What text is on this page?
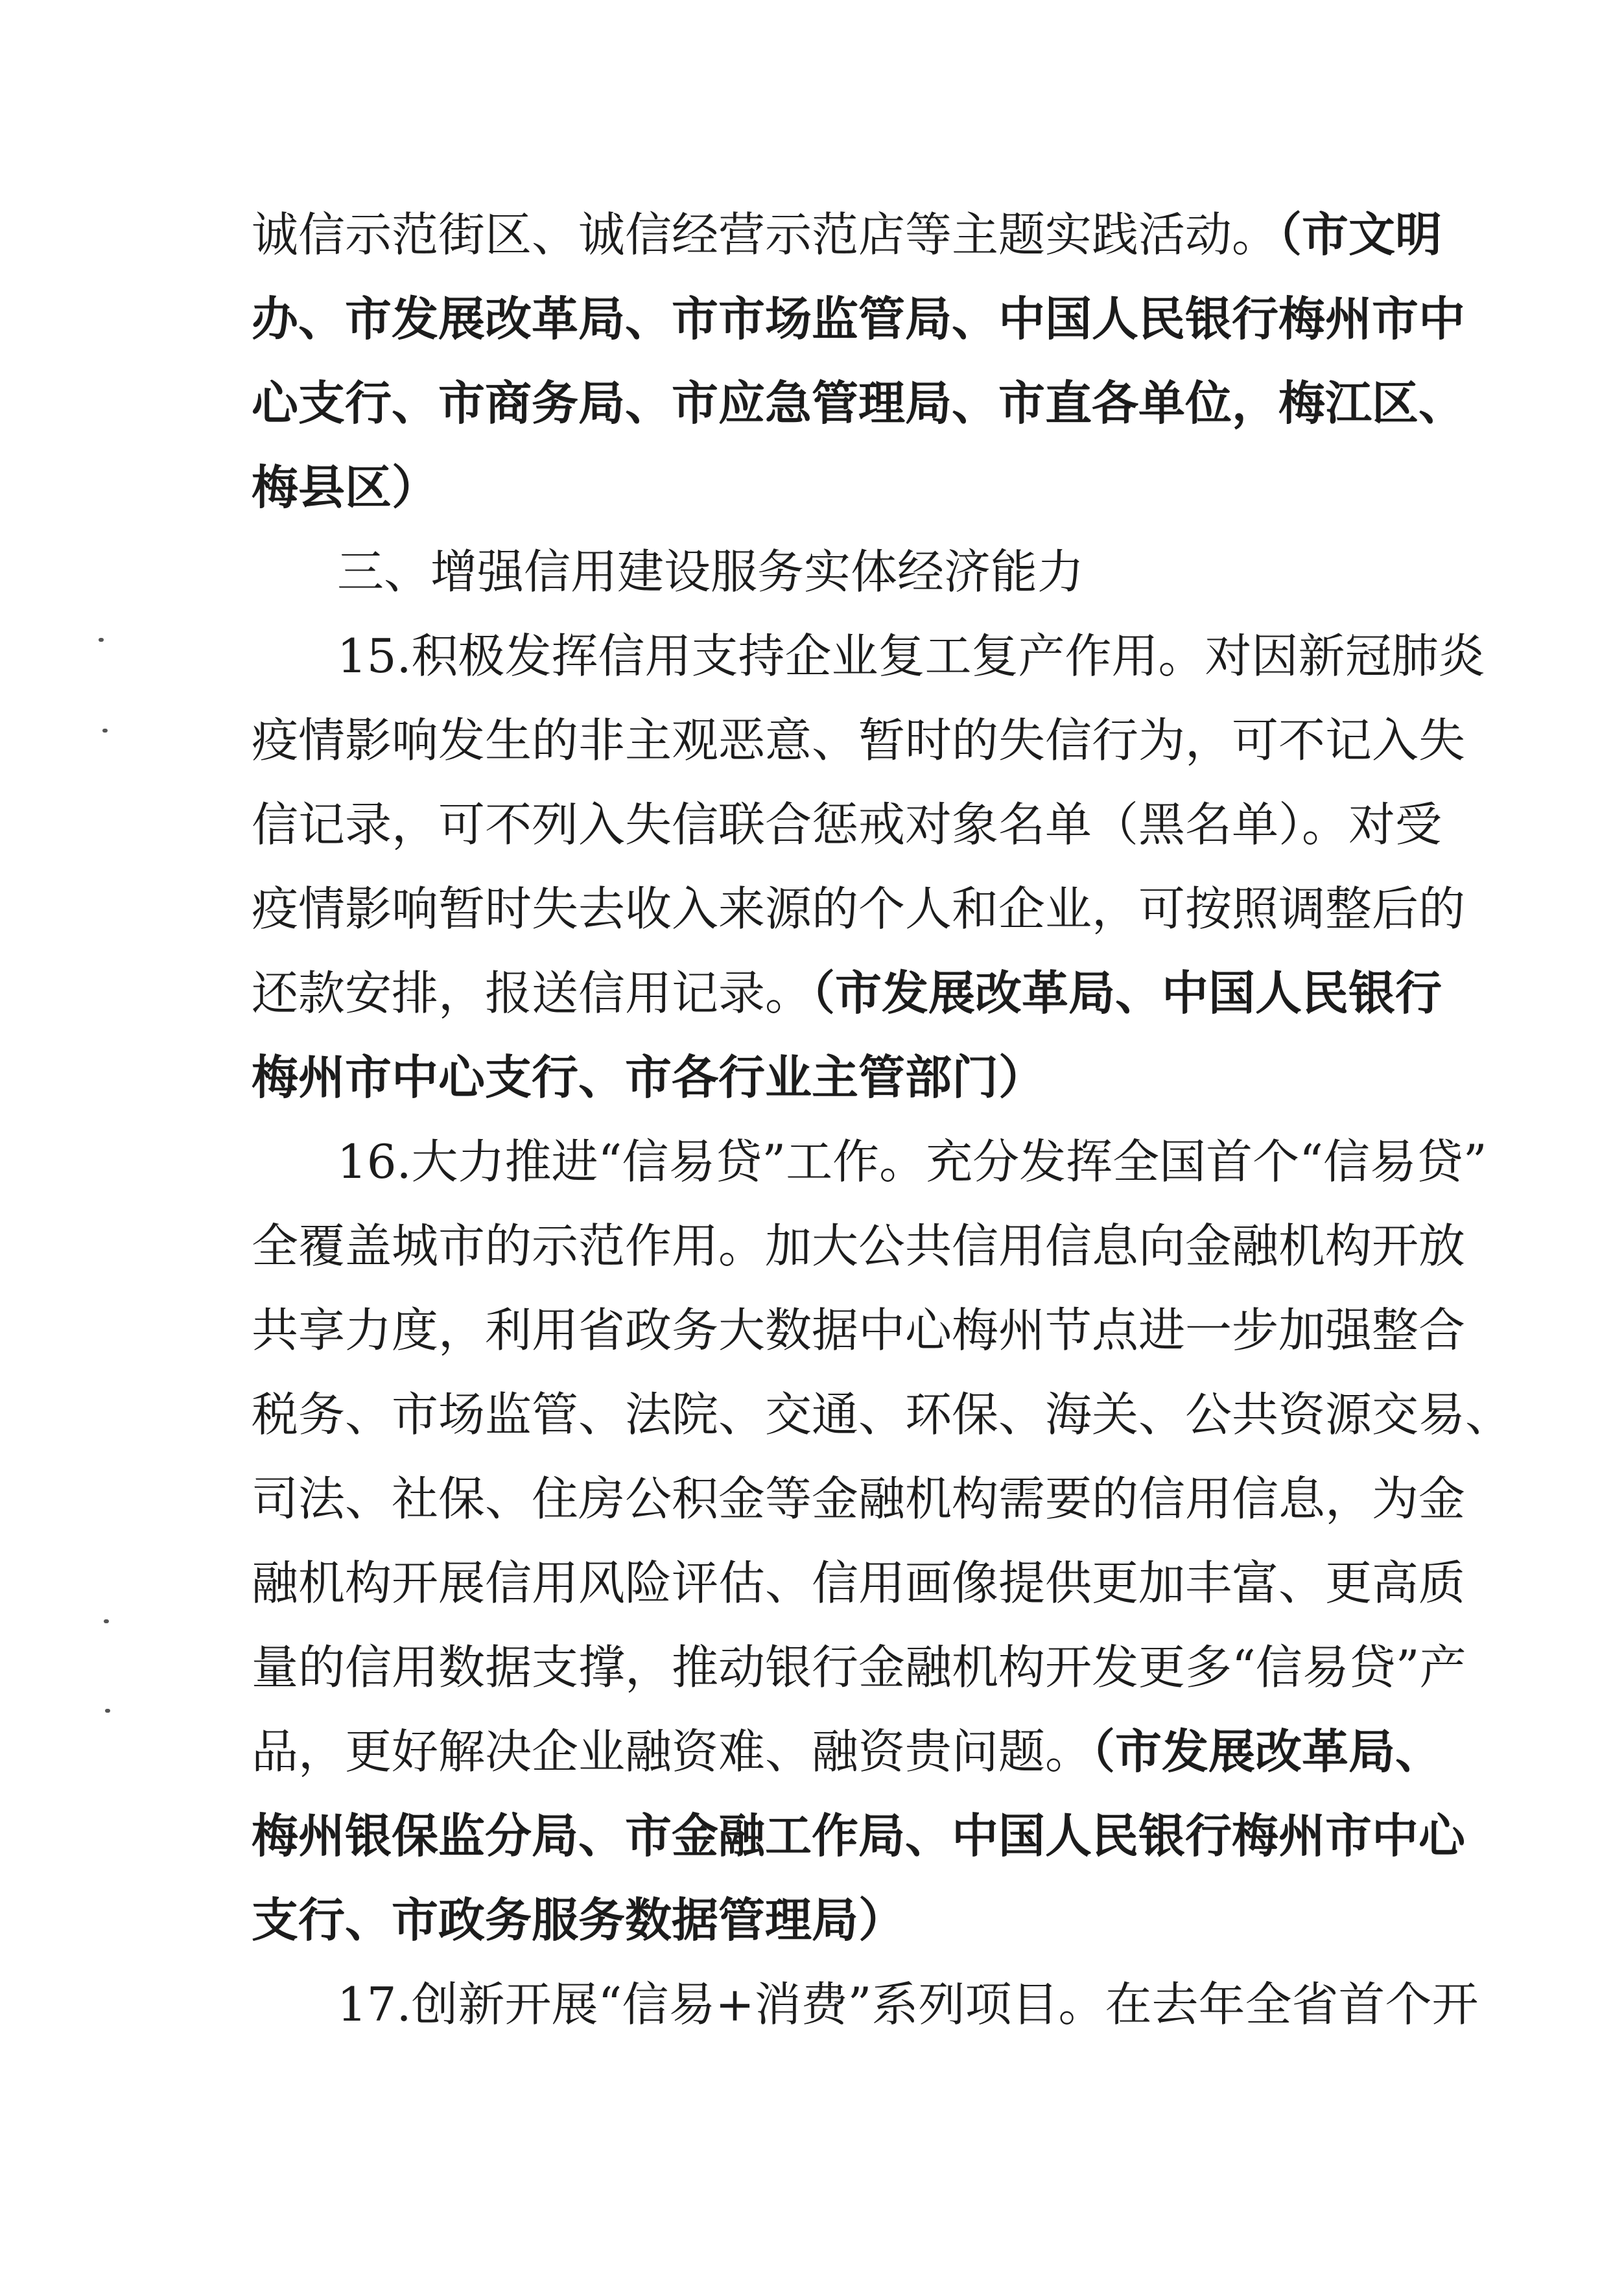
诚信示范街区、诚信经营示范店等主题实践活动。（市文明
办、市发展改革局、市市场监管局、中国人民银行梅州市中
心支行、市商务局、市应急管理局、市直各单位，梅江区、
梅县区）
三、增强信用建设服务实体经济能力
15.积极发挥信用支持企业复工复产作用。对因新冠肺炎
疫情影响发生的非主观恶意、暂时的失信行为，可不记入失
信记录，可不列入失信联合惩戒对象名单（黑名单）。对受
疫情影响暂时失去收入来源的个人和企业，可按照调整后的
还款安排，报送信用记录。（市发展改革局、中国人民银行
梅州市中心支行、市各行业主管部门）
16.大力推进“信易贷”工作。充分发挥全国首个“信易贷”
全覆盖城市的示范作用。加大公共信用信息向金融机构开放
共享力度，利用省政务大数据中心梅州节点进一步加强整合
税务、市场监管、法院、交通、环保、海关、公共资源交易、
司法、社保、住房公积金等金融机构需要的信用信息，为金
融机构开展信用风险评估、信用画像提供更加丰富、更高质
量的信用数据支撑，推动银行金融机构开发更多“信易贷”产
品，更好解决企业融资难、融资贵问题。（市发展改革局、
梅州银保监分局、市金融工作局、中国人民银行梅州市中心
支行、市政务服务数据管理局）
17.创新开展“信易+消费”系列项目。在去年全省首个开
